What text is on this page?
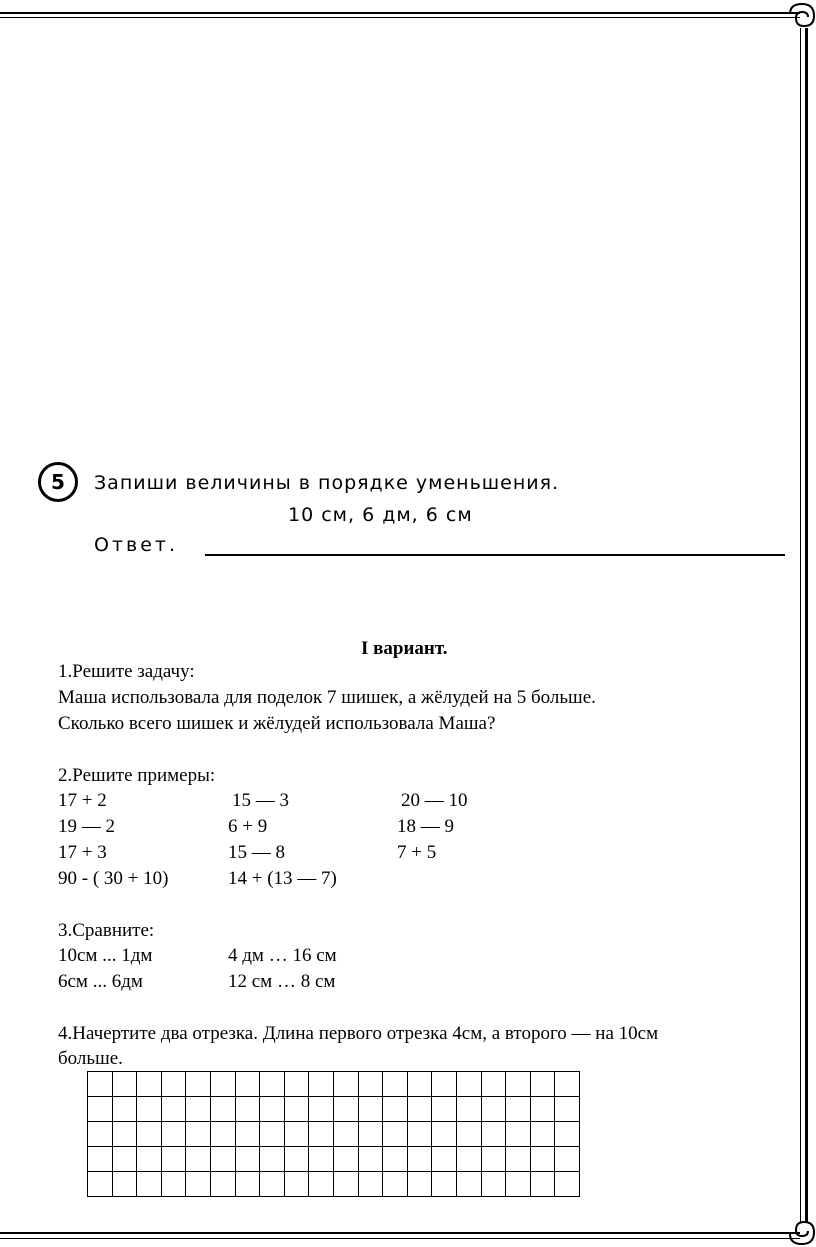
5	Запиши величины в порядке уменьшения.
10 см, 6 дм, 6 см
Ответ.
I вариант.
1.Решите задачу:
Маша использовала для поделок 7 шишек, а жёлудей на 5 больше.
Сколько всего шишек и жёлудей использовала Маша?
2.Решите примеры:
17 + 2	15 — 3	20 — 10
19 — 2	6 + 9	18 — 9
17 + 3	15 — 8	7 + 5
90 - ( 30 + 10)	14 + (13 — 7)
3.Сравните:
10см ... 1дм	4 дм … 16 см
6см ... 6дм	12 см … 8 см
4.Начертите два отрезка. Длина первого отрезка 4см, а второго — на 10см
больше.
